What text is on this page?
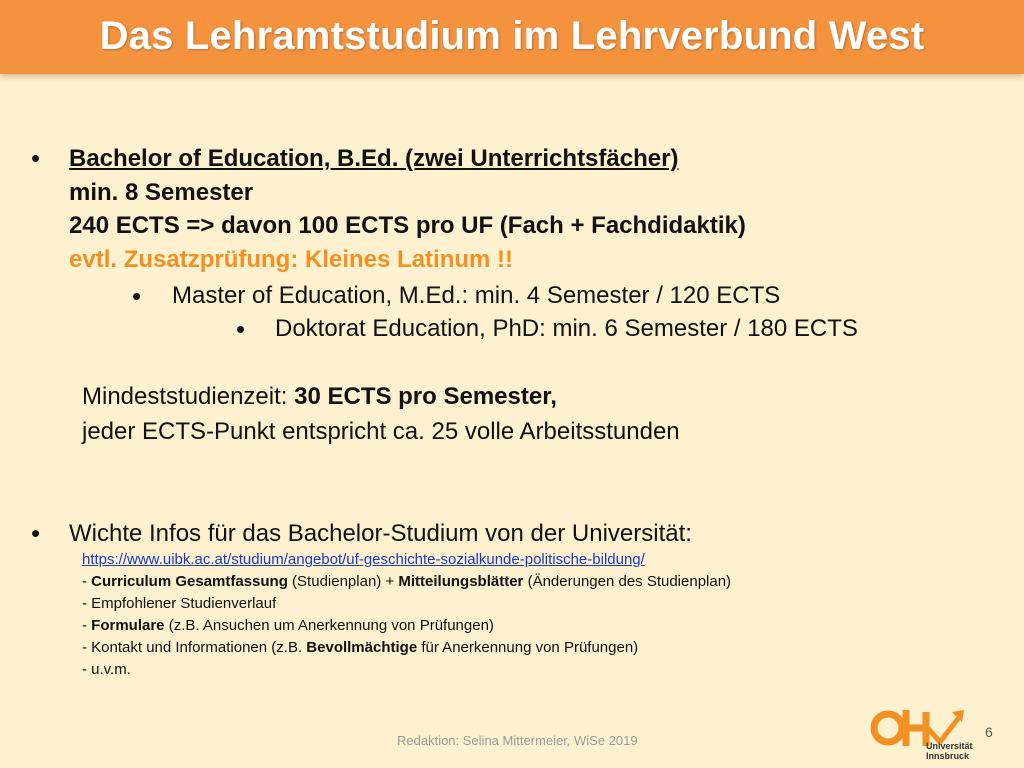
Das Lehramtstudium im Lehrverbund West
• Bachelor of Education, B.Ed. (zwei Unterrichtsfächer)
min. 8 Semester
240 ECTS => davon 100 ECTS pro UF (Fach + Fachdidaktik)
evtl. Zusatzprüfung: Kleines Latinum !!
• Master of Education, M.Ed.: min. 4 Semester / 120 ECTS
• Doktorat Education, PhD: min. 6 Semester / 180 ECTS
Mindeststudienzeit: 30 ECTS pro Semester,
jeder ECTS-Punkt entspricht ca. 25 volle Arbeitsstunden
• Wichte Infos für das Bachelor-Studium von der Universität:
https://www.uibk.ac.at/studium/angebot/uf-geschichte-sozialkunde-politische-bildung/
- Curriculum Gesamtfassung (Studienplan) + Mitteilungsblätter (Änderungen des Studienplan)
- Empfohlener Studienverlauf
- Formulare (z.B. Ansuchen um Anerkennung von Prüfungen)
- Kontakt und Informationen (z.B. Bevollmächtige für Anerkennung von Prüfungen)
- u.v.m.
Redaktion: Selina Mittermeier, WiSe 2019
6
Universität
Innsbruck
